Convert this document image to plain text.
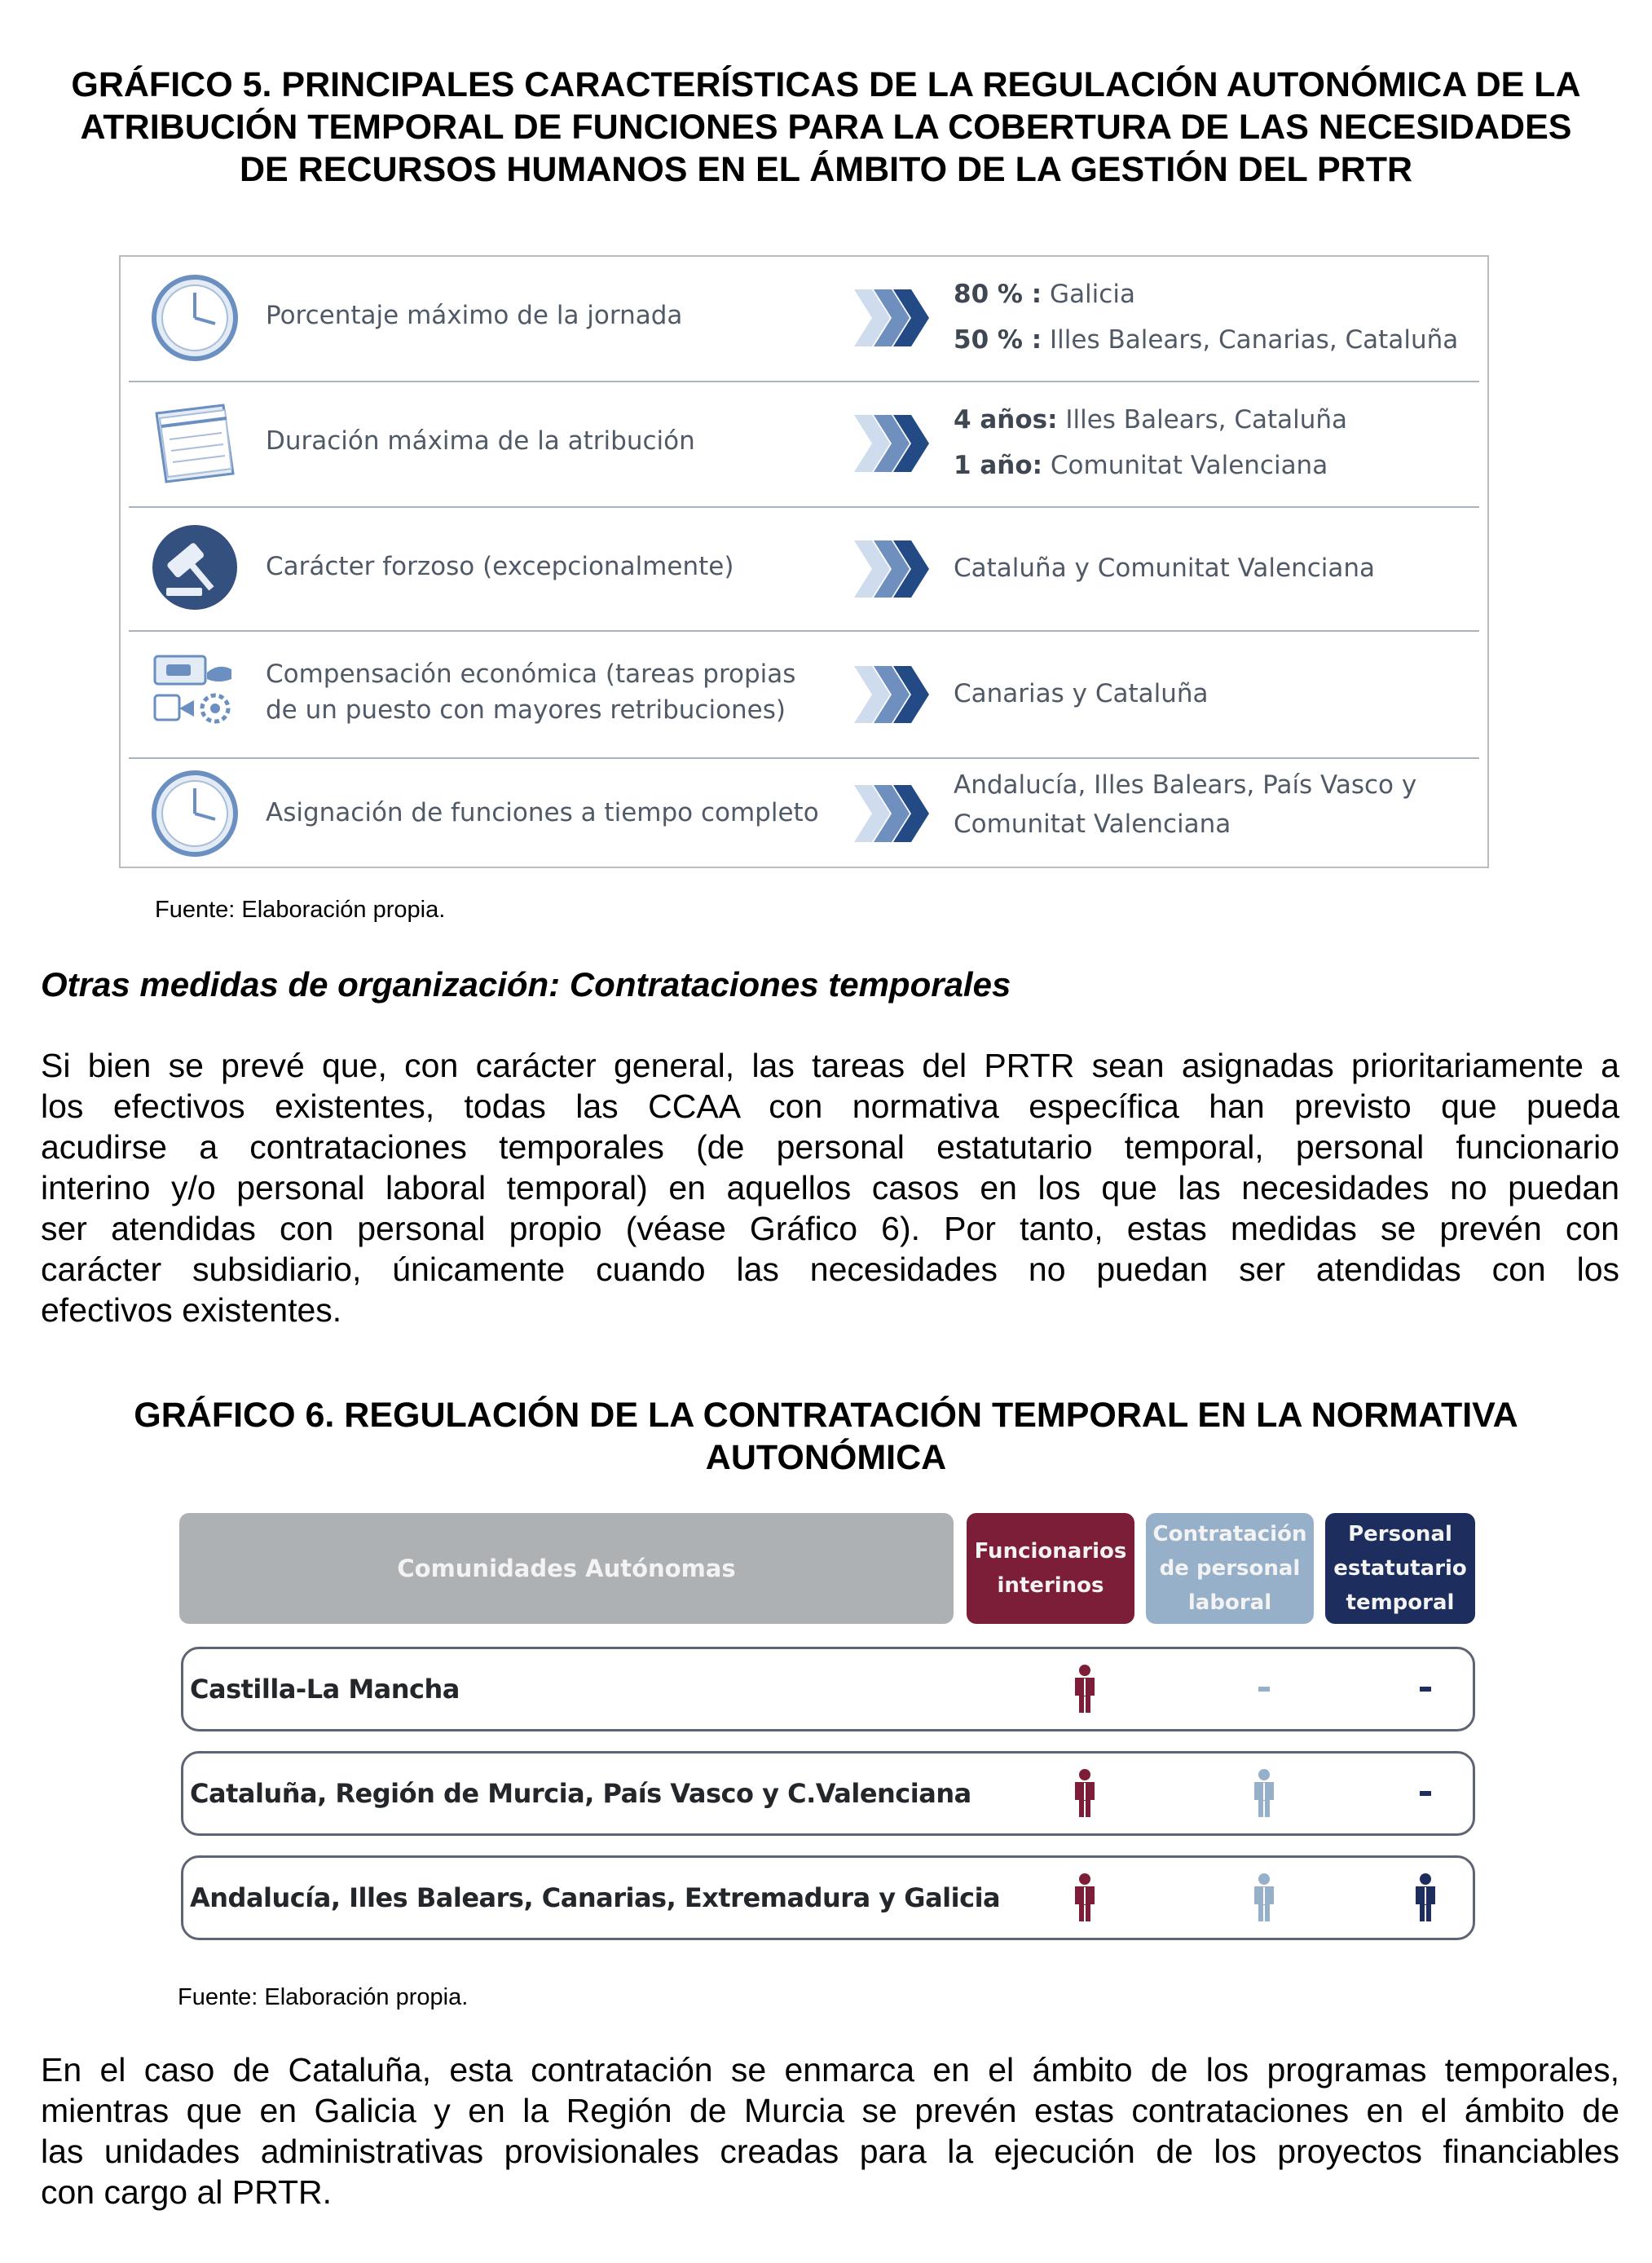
GRÁFICO 5. PRINCIPALES CARACTERÍSTICAS DE LA REGULACIÓN AUTONÓMICA DE LA
ATRIBUCIÓN TEMPORAL DE FUNCIONES PARA LA COBERTURA DE LAS NECESIDADES
DE RECURSOS HUMANOS EN EL ÁMBITO DE LA GESTIÓN DEL PRTR
Porcentaje máximo de la jornada
80 % : Galicia
50 % : Illes Balears, Canarias, Cataluña
Duración máxima de la atribución
4 años: Illes Balears, Cataluña
1 año: Comunitat Valenciana
Carácter forzoso (excepcionalmente)	Cataluña y Comunitat Valenciana
Compensación económica (tareas propias
de un puesto con mayores retribuciones)
Canarias y Cataluña
Asignación de funciones a tiempo completo
Andalucía, Illes Balears, País Vasco y
Comunitat Valenciana
Fuente: Elaboración propia.
Otras medidas de organización: Contrataciones temporales
Si bien se prevé que, con carácter general, las tareas del PRTR sean asignadas prioritariamente a
los efectivos existentes, todas las CCAA con normativa específica han previsto que pueda
acudirse a contrataciones temporales (de personal estatutario temporal, personal funcionario
interino y/o personal laboral temporal) en aquellos casos en los que las necesidades no puedan
ser atendidas con personal propio (véase Gráfico 6). Por tanto, estas medidas se prevén con
carácter subsidiario, únicamente cuando las necesidades no puedan ser atendidas con los
efectivos existentes.
GRÁFICO 6. REGULACIÓN DE LA CONTRATACIÓN TEMPORAL EN LA NORMATIVA
AUTONÓMICA
Comunidades Autónomas
Funcionarios
interinos
Contratación
de personal
laboral
Personal
estatutario
temporal
Castilla-La Mancha
Cataluña, Región de Murcia, País Vasco y C.Valenciana
Andalucía, Illes Balears, Canarias, Extremadura y Galicia
Fuente: Elaboración propia.
En el caso de Cataluña, esta contratación se enmarca en el ámbito de los programas temporales,
mientras que en Galicia y en la Región de Murcia se prevén estas contrataciones en el ámbito de
las unidades administrativas provisionales creadas para la ejecución de los proyectos financiables
con cargo al PRTR.
